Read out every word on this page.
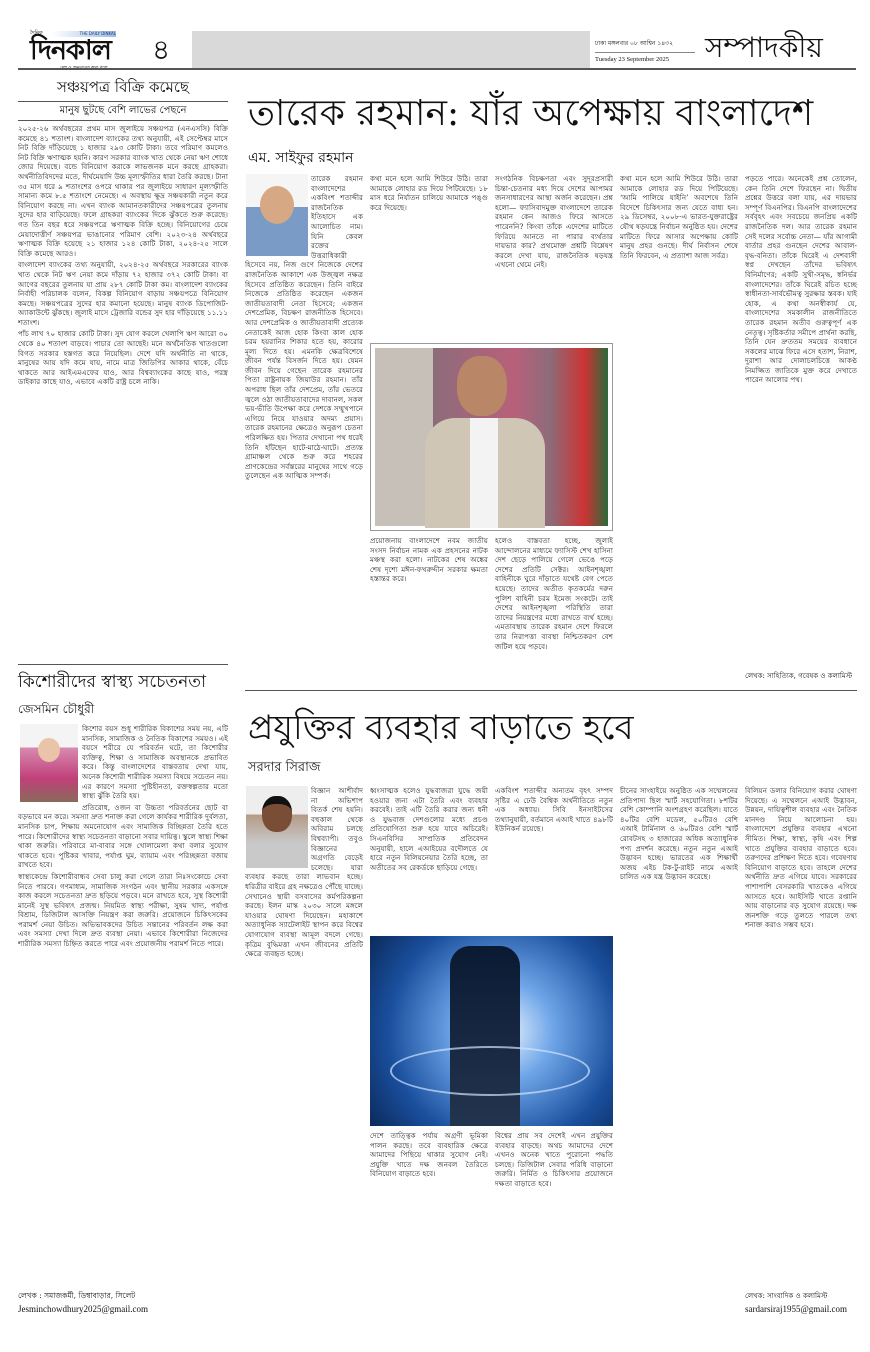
দৈনিক	THE DAILY DINKAL
দিনকাল ৪	ঢাকা মঙ্গলবার ০৮ আশ্বিন ১৪৩২
Tuesday 23 September 2025 সম্পাদকীয়
সঞ্চয়পত্র বিক্রি কমেছে
মানুষ ছুটছে বেশি লাভের পেছনে

২০২৫-২৬ অর্থবছরের প্রথম মাস জুলাইয়ে সঞ্চয়পত্র (এনএসসি) বিক্রি কমেছে ৪১ শতাংশ। বাংলাদেশ ব্যাংকের তথ্য অনুযায়ী, এই সেপ্টেম্বর মাসে নিট বিক্রি দাঁড়িয়েছে ১ হাজার ২৯৩ কোটি টাকা। তবে পরিমাণ কমলেও নিট বিক্রি ঋণাত্মক হয়নি। কারণ সরকার ব্যাংক খাত থেকে নেয়া ঋণ শোধে জোর দিয়েছে। বন্ডে বিনিয়োগ করাকে লাভজনক মনে করছে গ্রাহকরা। অর্থনীতিবিদদের মতে, দীর্ঘমেয়াদি উচ্চ মূল্যস্ফীতির ধারা তৈরি করছে। টানা ৩৫ মাস ধরে ৯ শতাংশের ওপরে থাকার পর জুলাইয়ে সাধারণ মূল্যস্ফীতি সামান্য কমে ৮.৫ শতাংশে নেমেছে। এ অবস্থায় ক্ষুদ্র সঞ্চয়কারী নতুন করে বিনিয়োগ করছে না। এখন ব্যাংক আমানতকারীদের সঞ্চয়পত্রের তুলনায় সুদের হার বাড়িয়েছে। ফলে গ্রাহকরা ব্যাংকের দিকে ঝুঁকতে শুরু করেছে। গত তিন বছর ধরে সঞ্চয়পত্রে ঋণাত্মক বিক্রি হচ্ছে। বিনিয়োগের চেয়ে মেয়াদোত্তীর্ণ সঞ্চয়পত্র ভাঙানোর পরিমাণ বেশি। ২০২৩-২৪ অর্থবছরে ঋণাত্মক বিক্রি হয়েছে ২১ হাজার ১২৪ কোটি টাকা, ২০২৪-২৫ সালে বিক্রি কমেছে আরও।

বাংলাদেশ ব্যাংকের তথ্য অনুযায়ী, ২০২৪-২৫ অর্থবছরে সরকারের ব্যাংক খাত থেকে নিট ঋণ নেয়া কমে দাঁড়ায় ৭২ হাজার ৩৭২ কোটি টাকা। বা আগের বছরের তুলনায় যা প্রায় ২৮৭ কোটি টাকা কম। বাংলাদেশ ব্যাংকের নির্বাহী পরিচালক বলেন, বিকল্প বিনিয়োগ বাড়ায় সঞ্চয়পত্রে বিনিয়োগ কমছে। সঞ্চয়পত্রের সুদের হার কমানো হয়েছে। মানুষ ব্যাংক ডিপোজিট-অ্যাকাউন্টে ঝুঁকছে। জুলাই মাসে ট্রেজারি বন্ডের সুদ হার দাঁড়িয়েছে ১১.১১ শতাংশ।

পাঁচ লাখ ৭০ হাজার কোটি টাকা। সুদ যোগ করলে খেলাপি ঋণ আরো ৩০ থেকে ৪০ শতাংশ বাড়বে। পাচার তো আছেই। মনে অর্থনৈতিক খাতগুলো বিগত সরকার হস্তগত করে নিয়েছিল। দেশে যদি অর্থনীতি না থাকে, মানুষের আয় যদি কমে যায়, নামে মাত্র জিডিপির আকার থাকে, বেঁচে থাকতে আর আইএমএফের যাও, আর বিশ্বব্যাংকের কাছে যাও, পরস্ত্র ডাইকার কাছে যাও, এভাবে একটি রাষ্ট্র চলে নাকি।

কিশোরীদের স্বাস্থ্য সচেতনতা
জেসমিন চৌধুরী

কিশোর বয়স শুধু শারীরিক বিকাশের সময় নয়, এটি মানসিক, সামাজিক ও নৈতিক বিকাশের সময়ও। এই বয়সে শরীরে যে পরিবর্তন ঘটে, তা কিশোরীর ব্যক্তিত্ব, শিক্ষা ও সামাজিক অবস্থানকে প্রভাবিত করে। কিন্তু বাংলাদেশের বাস্তবতায় দেখা যায়, অনেক কিশোরী শারীরিক সমস্যা বিষয়ে সচেতন নয়। এর কারণে সমস্যা পুষ্টিহীনতা, রক্তস্বল্পতার মতো স্বাস্থ্য ঝুঁকি তৈরি হয়।

প্রতিরোধ, ওজন বা উচ্চতা পরিবর্তনের ছোট বা বড়ভাবে মন করে। সমস্যা দ্রুত শনাক্ত করা গেলে কার্যকর শারীরিক দুর্বলতা, মানসিক চাপ, শিক্ষায় অমনোযোগ এবং সামাজিক বিচ্ছিন্নতা তৈরি হতে পারে। কিশোরীদের স্বাস্থ্য সচেতনতা বাড়ানো সবার দায়িত্ব। স্কুলে স্বাস্থ্য শিক্ষা থাকা জরুরি। পরিবারে মা-বাবার সঙ্গে খোলামেলা কথা বলার সুযোগ থাকতে হবে। পুষ্টিকর খাবার, পর্যাপ্ত ঘুম, ব্যায়াম এবং পরিচ্ছন্নতা বজায় রাখতে হবে।

স্বাস্থ্যকেন্দ্রে কিশোরীবান্ধব সেবা চালু করা গেলে তারা নিঃসংকোচে সেবা নিতে পারবে। গণমাধ্যম, সামাজিক সংগঠন এবং স্থানীয় সরকার একসঙ্গে কাজ করলে সচেতনতা দ্রুত ছড়িয়ে পড়বে। মনে রাখতে হবে, সুস্থ কিশোরী মানেই সুস্থ ভবিষ্যৎ প্রজন্ম। নিয়মিত স্বাস্থ্য পরীক্ষা, সুষম খাদ্য, পর্যাপ্ত বিশ্রাম, ডিজিটাল আসক্তি নিয়ন্ত্রণ করা জরুরি। প্রয়োজনে চিকিৎসকের পরামর্শ নেয়া উচিত। অভিভাবকদের উচিত সন্তানের পরিবর্তন লক্ষ করা এবং সমস্যা দেখা দিলে দ্রুত ব্যবস্থা নেয়া। এভাবে কিশোরীরা নিজেদের শারীরিক সমস্যা চিহ্নিত করতে পারে এবং প্রয়োজনীয় পরামর্শ নিতে পারে।

লেখক : সমাজকর্মী, ডিম্বাবাড়ার, সিলেট
Jesminchowdhury2025@gmail.com
তারেক রহমান: যাঁর অপেক্ষায় বাংলাদেশ
এম. সাইফুর রহমান
তারেক রহমান বাংলাদেশের একবিংশ শতাব্দীর রাজনৈতিক ইতিহাসে এক আলোচিত নাম। যিনি কেবল রক্তের উত্তরাধিকারী হিসেবে নয়, নিজ গুণে নিজেকে দেশের রাজনৈতিক আকাশে এক উজ্জ্বল নক্ষত্র হিসেবে প্রতিষ্ঠিত করেছেন। তিনি বাইরে নিজেকে প্রতিষ্ঠিত করেছেন একজন জাতীয়তাবাদী নেতা হিসেবে; একজন দেশপ্রেমিক, বিচক্ষণ রাজনীতিক হিসেবে। আর দেশপ্রেমিক ও জাতীয়তাবাদী প্রত্যেক নেতাকেই আজ হোক কিংবা কাল হোক চরম হয়রানির শিকার হতে হয়, কারোর মূল্য দিতে হয়। এমনকি ক্ষেত্রবিশেষে জীবন পর্যন্ত বিসর্জন দিতে হয়। যেমন জীবন দিয়ে গেছেন তারেক রহমানের পিতা রাষ্ট্রনায়ক জিয়াউর রহমান। তাঁর অপরাধ ছিল তাঁর দেশপ্রেম, তাঁর ভেতরে জ্বলে ওঠা জাতীয়তাবাদের দাবানল, সকল ভয়-ভীতি উপেক্ষা করে দেশকে সম্মুখপানে এগিয়ে নিয়ে যাওয়ার অদম্য প্রয়াস। তারেক রহমানের ক্ষেত্রেও অনুরূপ চেতনা পরিলক্ষিত হয়। পিতার দেখানো পথ ধরেই তিনি হাঁটছেন হাটে-মাঠে-ঘাটে। প্রত্যন্ত গ্রামাঞ্চল থেকে শুরু করে শহরের প্রাণকেন্দ্রের সর্বস্তরের মানুষের সাথে গড়ে তুলেছেন এক আত্মিক সম্পর্ক।
কথা মনে হলে আমি শিউরে উঠি। তারা আমাকে লোহার রড দিয়ে পিটিয়েছে। ১৮ মাস ধরে নির্যাতন চালিয়ে আমাকে পঙ্গু করে দিয়েছে।
সংগঠনিক বিচক্ষণতা এবং সুদূরপ্রসারী চিন্তা-চেতনার মধ্য দিয়ে দেশের আপামর জনসাধারণের আস্থা অর্জন করেছেন। প্রশ্ন হলো— ফ্যাসিবাদমুক্ত বাংলাদেশে তারেক রহমান কেন আজও ফিরে আসতে পারেননি? কিংবা তাঁকে এদেশের মাটিতে ফিরিয়ে আনতে না পারার ব্যর্থতার দায়ভার কার? প্রথমোক্ত প্রশ্নটি বিশ্লেষণ করলে দেখা যায়, রাজনৈতিক ষড়যন্ত্র এখনো থেমে নেই।
প্রয়োজনায় বাংলাদেশে নবম জাতীয় সংসদ নির্বাচন নামক এক প্রহসনের নাটক মঞ্চস্থ করা হলো। নাটকের শেষ অঙ্কের শেষ দৃশ্যে মঈন-ফখরুদ্দীন সরকার ক্ষমতা হস্তান্তর করে।
হলেও বাস্তবতা হচ্ছে, জুলাই আন্দোলনের মাধ্যমে ফ্যাসিস্ট শেখ হাসিনা দেশ ছেড়ে পালিয়ে গেলে ভেঙে পড়ে দেশের প্রতিটি সেক্টর। আইনশৃঙ্খলা বাহিনীকে ঘুরে দাঁড়াতে যথেষ্ট বেগ পেতে হয়েছে। তাদের অতীত কৃতকর্মের দরুন পুলিশ বাহিনী চরম ইমেজ সংকটে। তাই দেশের আইনশৃঙ্খলা পরিস্থিতি তারা তাদের নিয়ন্ত্রণের মধ্যে রাখতে ব্যর্থ হচ্ছে। এমতাবস্থায় তারেক রহমান দেশে ফিরলে তার নিরাপত্তা ব্যবস্থা নিশ্চিতকরণ বেশ জটিল হয়ে পড়বে।
কথা মনে হলে আমি শিউরে উঠি। তারা আমাকে লোহার রড দিয়ে পিটিয়েছে। ‘আমি পালিয়ে যাইনি’ অবশেষে তিনি বিদেশে চিকিৎসার জন্য যেতে বাধ্য হন। ২৯ ডিসেম্বর, ২০০৮-এ ভারত-যুক্তরাষ্ট্রের যৌথ ষড়যন্ত্রে নির্বাচন অনুষ্ঠিত হয়। দেশের মাটিতে ফিরে আসার অপেক্ষায় কোটি মানুষ প্রহর গুনছে। দীর্ঘ নির্বাসন শেষে তিনি ফিরবেন, এ প্রত্যাশা আজ সর্বত্র।
পড়তে পারে। অনেকেই প্রশ্ন তোলেন, কেন তিনি দেশে ফিরছেন না। দ্বিতীয় প্রশ্নের উত্তরে বলা যায়, এর দায়ভার সম্পূর্ণ বিএনপির। বিএনপি বাংলাদেশের সর্ববৃহৎ এবং সবচেয়ে জনপ্রিয় একটি রাজনৈতিক দল। আর তারেক রহমান সেই দলের সর্বোচ্চ নেতা— যাঁর আগামী বার্তার প্রহর গুনছেন দেশের আবাল-বৃদ্ধ-বনিতা। তাঁকে ঘিরেই এ দেশবাসী স্বপ্ন দেখছেন তাঁদের ভবিষ্যৎ বিনির্মাণের; একটি সুখী-সমৃদ্ধ, স্বনির্ভর বাংলাদেশের। তাঁকে ঘিরেই রচিত হচ্ছে স্বাধীনতা-সার্বভৌমত্ব সুরক্ষার স্তবক। যাই হোক, এ কথা অনস্বীকার্য যে, বাংলাদেশের সমকালীন রাজনীতিতে তারেক রহমান অতীব গুরুত্বপূর্ণ এক নেতৃত্ব। সৃষ্টিকর্তার সমীপে প্রার্থনা করছি, তিনি যেন দ্রুততম সময়ের ব্যবধানে সকলের মাঝে ফিরে এসে হতাশ, নিরাশ, দুরাশা আর দোলাচলচিত্তে আকণ্ঠ নিমজ্জিত জাতিকে মুক্ত করে দেখাতে পারেন আলোর পথ।
লেখক: সাহিত্যিক, গবেষক ও কলামিস্ট
প্রযুক্তির ব্যবহার বাড়াতে হবে
সরদার সিরাজ
বিজ্ঞান আশীর্বাদ না অভিশাপ বিতর্ক শেষ হয়নি। বহুকাল থেকে অবিরাম চলছে বিশ্বব্যাপী। তবুও বিজ্ঞানের অগ্রগতি বেড়েই চলেছে। যারা ব্যবহার করছে তারা লাভবান হচ্ছে। ধরিত্রীর বাইরে গ্রহ নক্ষত্রেও পৌঁছে যাচ্ছে। সেখানেও স্থায়ী বসবাসের কর্মপরিকল্পনা করছে। ইলন মাস্ক ২০৩০ সালে মঙ্গলে যাওয়ার ঘোষণা দিয়েছেন। মহাকাশে অত্যাধুনিক স্যাটেলাইট স্থাপন করে বিশ্বের যোগাযোগ ব্যবস্থা আমূল বদলে গেছে। কৃত্রিম বুদ্ধিমত্তা এখন জীবনের প্রতিটি ক্ষেত্রে ব্যবহৃত হচ্ছে।
ধ্বংসাত্মক হলেও যুদ্ধবাজরা যুদ্ধে জয়ী হওয়ার জন্য এটা তৈরি এবং ব্যবহার করবেই। তাই এটি তৈরি করার জন্য ধনী ও যুদ্ধবাজ দেশগুলোর মধ্যে প্রচণ্ড প্রতিযোগিতা শুরু হয়ে যাবে অচিরেই। সিএনবিসির সাম্প্রতিক প্রতিবেদন অনুযায়ী, হালে এআইয়ের বদৌলতে যে হারে নতুন বিলিয়নেয়ার তৈরি হচ্ছে, তা অতীতের সব রেকর্ডকে ছাড়িয়ে গেছে।
একবিংশ শতাব্দীর অন্যতম বৃহৎ সম্পদ সৃষ্টির এ ঢেউ বৈশ্বিক অর্থনীতিতে নতুন এক অধ্যায়। সিবি ইনসাইটসের তথ্যানুযায়ী, বর্তমানে এআই খাতে ৪৯৮টি ইউনিকর্ন রয়েছে।
দেশে তাত্ত্বিক পর্যায় অগ্রণী ভূমিকা পালন করছে। তবে ব্যবহারিক ক্ষেত্রে আমাদের পিছিয়ে থাকার সুযোগ নেই। প্রযুক্তি খাতে দক্ষ জনবল তৈরিতে বিনিয়োগ বাড়াতে হবে।
বিশ্বের প্রায় সব দেশেই এখন প্রযুক্তির ব্যবহার বাড়ছে। অথচ আমাদের দেশে এখনও অনেক খাতে পুরোনো পদ্ধতি চলছে। ডিজিটাল সেবার পরিধি বাড়ানো জরুরি। নির্মিত ও চিকিৎসার প্রয়োজনে দক্ষতা বাড়াতে হবে।
চীনের সাংহাইয়ে অনুষ্ঠিত এক সম্মেলনের প্রতিপাদ্য ছিল স্মার্ট সহযোগিতা। ৮শটির বেশি কোম্পানি অংশগ্রহণ করেছিল। যাতে ৪০টির বেশি মডেল, ৫০টিরও বেশি এআই টার্মিনাল ও ৬০টিরও বেশি স্মার্ট রোবটসহ ৩ হাজারের অধিক অত্যাধুনিক পণ্য প্রদর্শন করেছে। নতুন নতুন এআই উদ্ভাবন হচ্ছে। ভারতের এক শিক্ষার্থী অজয় এইচ টক-টু-রাইট নামে এআই চালিত এক যন্ত্র উদ্ভাবন করেছে।
বিলিয়ন ডলার বিনিয়োগ করার ঘোষণা দিয়েছে। এ সম্মেলনে এআই উদ্ভাবন, উন্নয়ন, দায়িত্বশীল ব্যবহার এবং নৈতিক মানদণ্ড নিয়ে আলোচনা হয়। বাংলাদেশে প্রযুক্তির ব্যবহার এখনো সীমিত। শিক্ষা, স্বাস্থ্য, কৃষি এবং শিল্প খাতে প্রযুক্তির ব্যবহার বাড়াতে হবে। তরুণদের প্রশিক্ষণ দিতে হবে। গবেষণায় বিনিয়োগ বাড়াতে হবে। তাহলে দেশের অর্থনীতি দ্রুত এগিয়ে যাবে। সরকারের পাশাপাশি বেসরকারি খাতকেও এগিয়ে আসতে হবে। আইসিটি খাতে রপ্তানি আয় বাড়ানোর বড় সুযোগ রয়েছে। দক্ষ জনশক্তি গড়ে তুলতে পারলে তথ্য শনাক্ত করাও সম্ভব হবে।
লেখক: সাংবাদিক ও কলামিস্ট
sardarsiraj1955@gmail.com
